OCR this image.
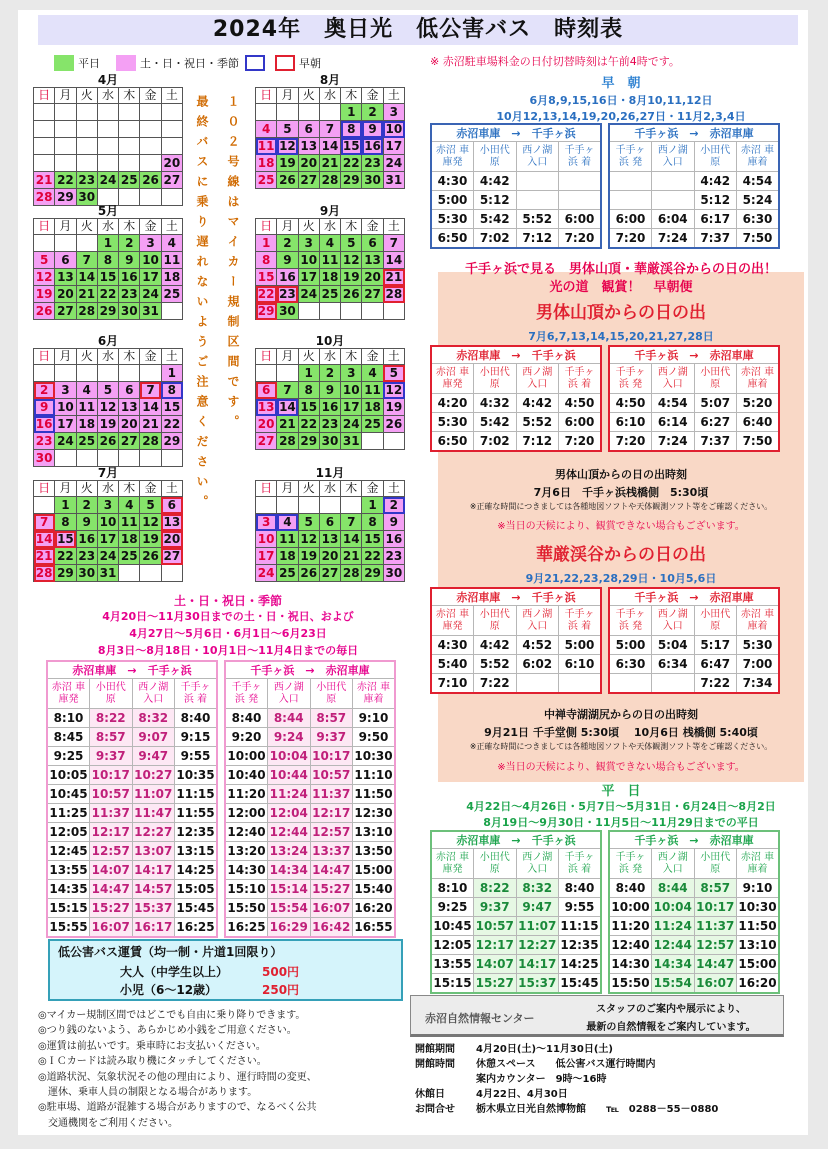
2024年　奥日光　低公害バス　時刻表
平日	土・日・祝日・季節	早朝	※ 赤沼駐車場料金の日付切替時刻は午前4時です。
4月
日	月	火	水	木	金	土

						20
21	22	23	24	25	26	27
28	29	30				
5月
日	月	火	水	木	金	土
			1	2	3	4
5	6	7	8	9	10	11
12	13	14	15	16	17	18
19	20	21	22	23	24	25
26	27	28	29	30	31	
6月
日	月	火	水	木	金	土
						1
2	3	4	5	6	7	8
9	10	11	12	13	14	15
16	17	18	19	20	21	22
23	24	25	26	27	28	29
30						
7月
日	月	火	水	木	金	土
	1	2	3	4	5	6
7	8	9	10	11	12	13
14	15	16	17	18	19	20
21	22	23	24	25	26	27
28	29	30	31			
8月
日	月	火	水	木	金	土
				1	2	3
4	5	6	7	8	9	10
11	12	13	14	15	16	17
18	19	20	21	22	23	24
25	26	27	28	29	30	31
9月
日	月	火	水	木	金	土
1	2	3	4	5	6	7
8	9	10	11	12	13	14
15	16	17	18	19	20	21
22	23	24	25	26	27	28
29	30					
10月
日	月	火	水	木	金	土
		1	2	3	4	5
6	7	8	9	10	11	12
13	14	15	16	17	18	19
20	21	22	23	24	25	26
27	28	29	30	31		
11月
日	月	火	水	木	金	土
					1	2
3	4	5	6	7	8	9
10	11	12	13	14	15	16
17	18	19	20	21	22	23
24	25	26	27	28	29	30
最終バスに乗り遅れないようご注意ください。 １０２号線はマイカー規制区間です。
早　朝
6月8,9,15,16日・8月10,11,12日
10月12,13,14,19,20,26,27日・11月2,3,4日
赤沼車庫　→　千手ヶ浜			
赤沼 車庫発	小田代 原	西ノ湖 入口	千手ヶ 浜 着
4:30	4:42		
5:00	5:12		
5:30	5:42	5:52	6:00
6:50	7:02	7:12	7:20
千手ヶ浜　→　赤沼車庫			
千手ヶ 浜 発	西ノ湖 入口	小田代 原	赤沼 車庫着
		4:42	4:54
		5:12	5:24
6:00	6:04	6:17	6:30
7:20	7:24	7:37	7:50
千手ヶ浜で見る　男体山頂・華厳渓谷からの日の出！
光の道　観賞！　早朝便
男体山頂からの日の出
7月6,7,13,14,15,20,21,27,28日
赤沼車庫　→　千手ヶ浜			
赤沼 車庫発	小田代 原	西ノ湖 入口	千手ヶ 浜 着
4:20	4:32	4:42	4:50
5:30	5:42	5:52	6:00
6:50	7:02	7:12	7:20
千手ヶ浜　→　赤沼車庫			
千手ヶ 浜 発	西ノ湖 入口	小田代 原	赤沼 車庫着
4:50	4:54	5:07	5:20
6:10	6:14	6:27	6:40
7:20	7:24	7:37	7:50
男体山頂からの日の出時刻
7月6日　千手ヶ浜桟橋側　5:30頃
※正確な時間につきましては各種地図ソフトや天体観測ソフト等をご確認ください。
※当日の天候により、観賞できない場合もございます。
華厳渓谷からの日の出
9月21,22,23,28,29日・10月5,6日
赤沼車庫　→　千手ヶ浜			
赤沼 車庫発	小田代 原	西ノ湖 入口	千手ヶ 浜 着
4:30	4:42	4:52	5:00
5:40	5:52	6:02	6:10
7:10	7:22		
千手ヶ浜　→　赤沼車庫			
千手ヶ 浜 発	西ノ湖 入口	小田代 原	赤沼 車庫着
5:00	5:04	5:17	5:30
6:30	6:34	6:47	7:00
		7:22	7:34
中禅寺湖湖尻からの日の出時刻
9月21日 千手堂側 5:30頃　 10月6日 桟橋側 5:40頃
※正確な時間につきましては各種地図ソフトや天体観測ソフト等をご確認ください。
※当日の天候により、観賞できない場合もございます。
土・日・祝日・季節
4月20日～11月30日までの土・日・祝日、および
4月27日～5月6日・6月1日～6月23日
8月3日～8月18日・10月1日～11月4日までの毎日
赤沼車庫　→　千手ヶ浜			
赤沼 車庫発	小田代 原	西ノ湖 入口	千手ヶ 浜 着
8:10	8:22	8:32	8:40
8:45	8:57	9:07	9:15
9:25	9:37	9:47	9:55
10:05	10:17	10:27	10:35
10:45	10:57	11:07	11:15
11:25	11:37	11:47	11:55
12:05	12:17	12:27	12:35
12:45	12:57	13:07	13:15
13:55	14:07	14:17	14:25
14:35	14:47	14:57	15:05
15:15	15:27	15:37	15:45
15:55	16:07	16:17	16:25
千手ヶ浜　→　赤沼車庫			
千手ヶ 浜 発	西ノ湖 入口	小田代 原	赤沼 車庫着
8:40	8:44	8:57	9:10
9:20	9:24	9:37	9:50
10:00	10:04	10:17	10:30
10:40	10:44	10:57	11:10
11:20	11:24	11:37	11:50
12:00	12:04	12:17	12:30
12:40	12:44	12:57	13:10
13:20	13:24	13:37	13:50
14:30	14:34	14:47	15:00
15:10	15:14	15:27	15:40
15:50	15:54	16:07	16:20
16:25	16:29	16:42	16:55
平　日
4月22日～4月26日・5月7日～5月31日・6月24日～8月2日
8月19日～9月30日・11月5日～11月29日までの平日
赤沼車庫　→　千手ヶ浜			
赤沼 車庫発	小田代 原	西ノ湖 入口	千手ヶ 浜 着
8:10	8:22	8:32	8:40
9:25	9:37	9:47	9:55
10:45	10:57	11:07	11:15
12:05	12:17	12:27	12:35
13:55	14:07	14:17	14:25
15:15	15:27	15:37	15:45
千手ヶ浜　→　赤沼車庫			
千手ヶ 浜 発	西ノ湖 入口	小田代 原	赤沼 車庫着
8:40	8:44	8:57	9:10
10:00	10:04	10:17	10:30
11:20	11:24	11:37	11:50
12:40	12:44	12:57	13:10
14:30	14:34	14:47	15:00
15:50	15:54	16:07	16:20
低公害バス運賃（均一制・片道1回限り）
大人（中学生以上）	500円
小児（6～12歳）	250円
◎マイカー規制区間ではどこでも自由に乗り降りできます。
◎つり銭のないよう、あらかじめ小銭をご用意ください。
◎運賃は前払いです。乗車時にお支払いください。
◎ＩＣカードは読み取り機にタッチしてください。
◎道路状況、気象状況その他の理由により、運行時間の変更、
　運休、乗車人員の制限となる場合があります。
◎駐車場、道路が混雑する場合がありますので、なるべく公共
　交通機関をご利用ください。
赤沼自然情報センター
スタッフのご案内や展示により、
最新の自然情報をご案内しています。
開館期間 4月20日(土)～11月30日(土)
開館時間 休憩スペース　　低公害バス運行時間内
案内カウンター　9時～16時
休館日	4月22日、4月30日
お問合せ 栃木県立日光自然博物館　　℡　0288－55－0880
